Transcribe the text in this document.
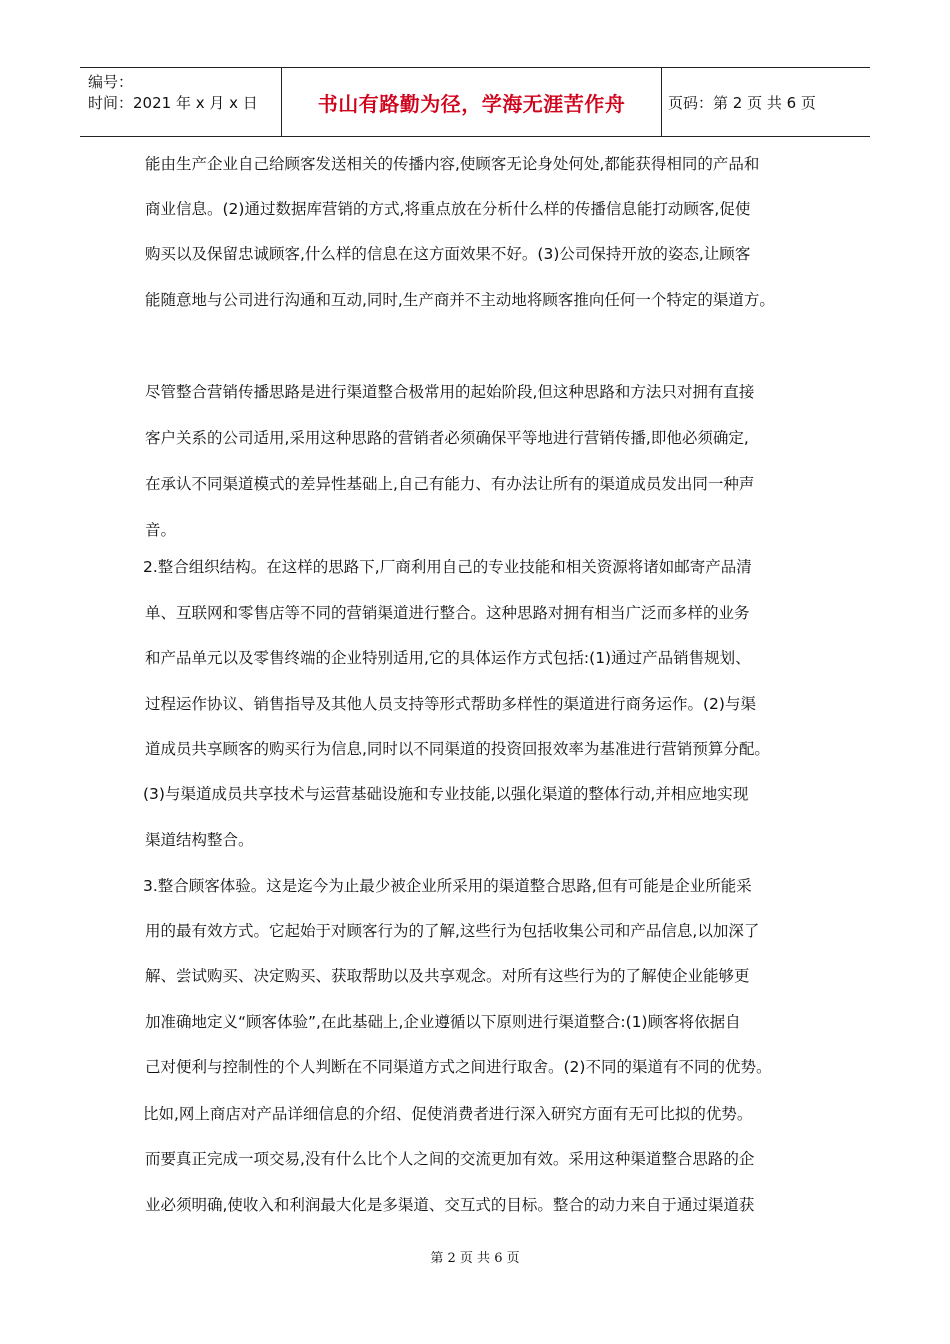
编号：
时间：2021 年 x 月 x 日	书山有路勤为径，学海无涯苦作舟	页码：第 2 页 共 6 页
能由生产企业自己给顾客发送相关的传播内容,使顾客无论身处何处,都能获得相同的产品和
商业信息。(2)通过数据库营销的方式,将重点放在分析什么样的传播信息能打动顾客,促使
购买以及保留忠诚顾客,什么样的信息在这方面效果不好。(3)公司保持开放的姿态,让顾客
能随意地与公司进行沟通和互动,同时,生产商并不主动地将顾客推向任何一个特定的渠道方。
尽管整合营销传播思路是进行渠道整合极常用的起始阶段,但这种思路和方法只对拥有直接
客户关系的公司适用,采用这种思路的营销者必须确保平等地进行营销传播,即他必须确定,
在承认不同渠道模式的差异性基础上,自己有能力、有办法让所有的渠道成员发出同一种声
音。
2.整合组织结构。在这样的思路下,厂商利用自己的专业技能和相关资源将诸如邮寄产品清
单、互联网和零售店等不同的营销渠道进行整合。这种思路对拥有相当广泛而多样的业务
和产品单元以及零售终端的企业特别适用,它的具体运作方式包括:(1)通过产品销售规划、
过程运作协议、销售指导及其他人员支持等形式帮助多样性的渠道进行商务运作。(2)与渠
道成员共享顾客的购买行为信息,同时以不同渠道的投资回报效率为基准进行营销预算分配。
(3)与渠道成员共享技术与运营基础设施和专业技能,以强化渠道的整体行动,并相应地实现
渠道结构整合。
3.整合顾客体验。这是迄今为止最少被企业所采用的渠道整合思路,但有可能是企业所能采
用的最有效方式。它起始于对顾客行为的了解,这些行为包括收集公司和产品信息,以加深了
解、尝试购买、决定购买、获取帮助以及共享观念。对所有这些行为的了解使企业能够更
加准确地定义“顾客体验”,在此基础上,企业遵循以下原则进行渠道整合:(1)顾客将依据自
己对便利与控制性的个人判断在不同渠道方式之间进行取舍。(2)不同的渠道有不同的优势。
比如,网上商店对产品详细信息的介绍、促使消费者进行深入研究方面有无可比拟的优势。
而要真正完成一项交易,没有什么比个人之间的交流更加有效。采用这种渠道整合思路的企
业必须明确,使收入和利润最大化是多渠道、交互式的目标。整合的动力来自于通过渠道获
第 2 页 共 6 页
